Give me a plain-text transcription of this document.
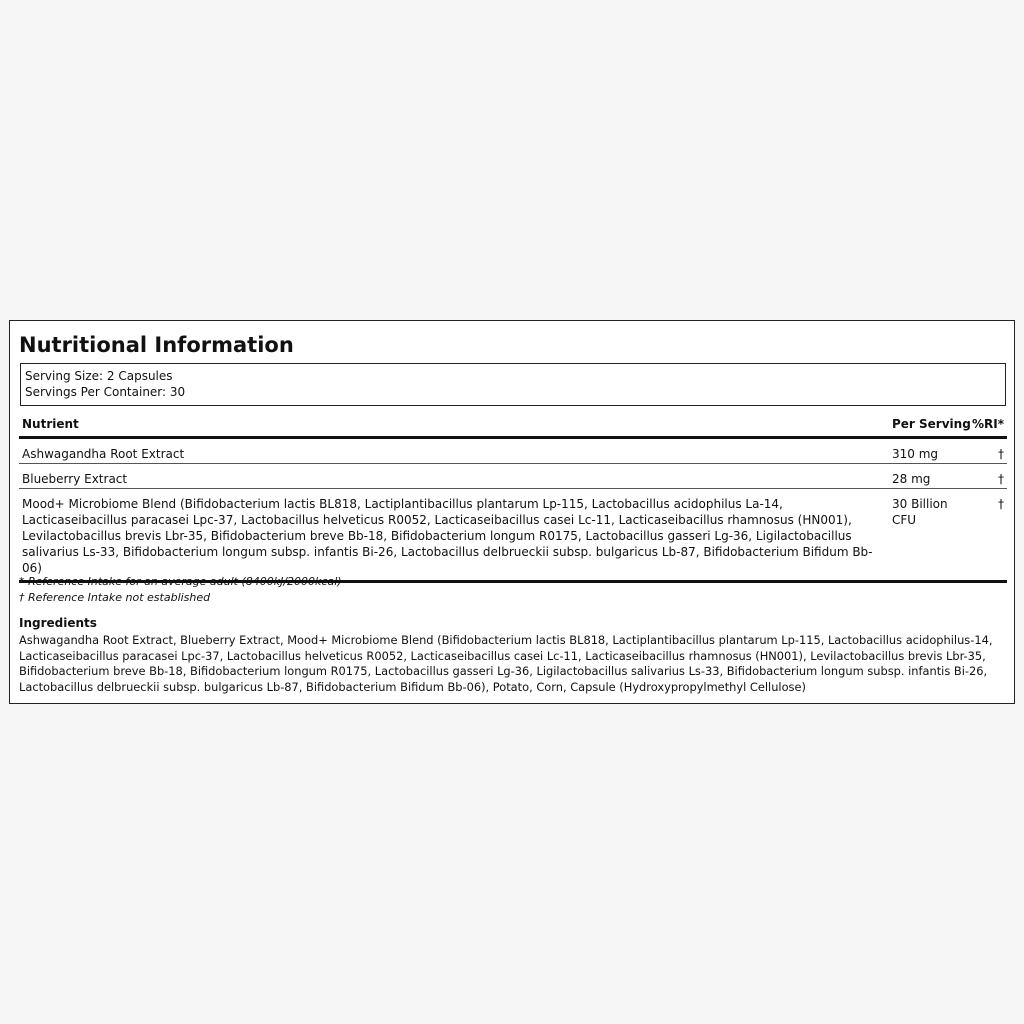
Nutritional Information
Serving Size: 2 Capsules
Servings Per Container: 30
Nutrient	Per Serving	%RI*
Ashwagandha Root Extract	310 mg	†
Blueberry Extract	28 mg	†
Mood+ Microbiome Blend (Bifidobacterium lactis BL818, Lactiplantibacillus plantarum Lp-115, Lactobacillus acidophilus La-14, Lacticaseibacillus paracasei Lpc-37, Lactobacillus helveticus R0052, Lacticaseibacillus casei Lc-11, Lacticaseibacillus rhamnosus (HN001), Levilactobacillus brevis Lbr-35, Bifidobacterium breve Bb-18, Bifidobacterium longum R0175, Lactobacillus gasseri Lg-36, Ligilactobacillus salivarius Ls-33, Bifidobacterium longum subsp. infantis Bi-26, Lactobacillus delbrueckii subsp. bulgaricus Lb-87, Bifidobacterium Bifidum Bb-06)	30 Billion CFU	†
* Reference Intake for an average adult (8400kJ/2000kcal)
† Reference Intake not established
Ingredients
Ashwagandha Root Extract, Blueberry Extract, Mood+ Microbiome Blend (Bifidobacterium lactis BL818, Lactiplantibacillus plantarum Lp-115, Lactobacillus acidophilus-14, Lacticaseibacillus paracasei Lpc-37, Lactobacillus helveticus R0052, Lacticaseibacillus casei Lc-11, Lacticaseibacillus rhamnosus (HN001), Levilactobacillus brevis Lbr-35, Bifidobacterium breve Bb-18, Bifidobacterium longum R0175, Lactobacillus gasseri Lg-36, Ligilactobacillus salivarius Ls-33, Bifidobacterium longum subsp. infantis Bi-26, Lactobacillus delbrueckii subsp. bulgaricus Lb-87, Bifidobacterium Bifidum Bb-06), Potato, Corn, Capsule (Hydroxypropylmethyl Cellulose)
